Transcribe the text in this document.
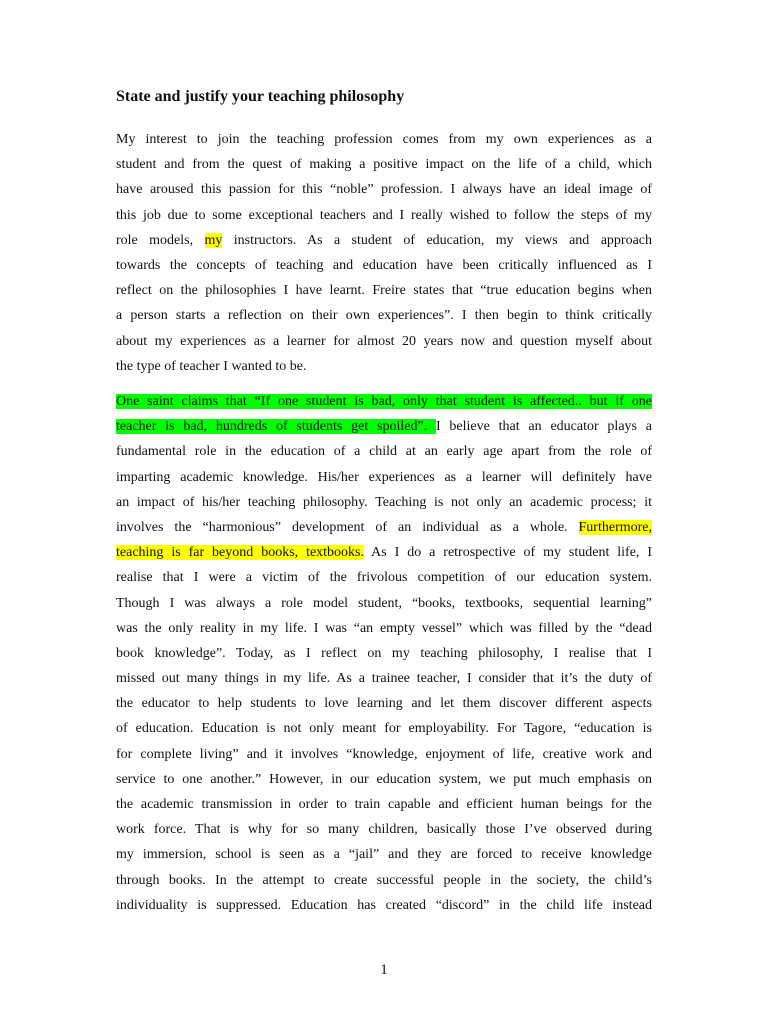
State and justify your teaching philosophy
My interest to join the teaching profession comes from my own experiences as a
student and from the quest of making a positive impact on the life of a child, which
have aroused this passion for this “noble” profession. I always have an ideal image of
this job due to some exceptional teachers and I really wished to follow the steps of my
role models, my instructors. As a student of education, my views and approach
towards the concepts of teaching and education have been critically influenced as I
reflect on the philosophies I have learnt. Freire states that “true education begins when
a person starts a reflection on their own experiences”. I then begin to think critically
about my experiences as a learner for almost 20 years now and question myself about
the type of teacher I wanted to be.
One saint claims that “If one student is bad, only that student is affected.. but if one
teacher is bad, hundreds of students get spoiled”. I believe that an educator plays a
fundamental role in the education of a child at an early age apart from the role of
imparting academic knowledge. His/her experiences as a learner will definitely have
an impact of his/her teaching philosophy. Teaching is not only an academic process; it
involves the “harmonious” development of an individual as a whole. Furthermore,
teaching is far beyond books, textbooks. As I do a retrospective of my student life, I
realise that I were a victim of the frivolous competition of our education system.
Though I was always a role model student, “books, textbooks, sequential learning”
was the only reality in my life. I was “an empty vessel” which was filled by the “dead
book knowledge”. Today, as I reflect on my teaching philosophy, I realise that I
missed out many things in my life. As a trainee teacher, I consider that it’s the duty of
the educator to help students to love learning and let them discover different aspects
of education. Education is not only meant for employability. For Tagore, “education is
for complete living” and it involves “knowledge, enjoyment of life, creative work and
service to one another.” However, in our education system, we put much emphasis on
the academic transmission in order to train capable and efficient human beings for the
work force. That is why for so many children, basically those I’ve observed during
my immersion, school is seen as a “jail” and they are forced to receive knowledge
through books. In the attempt to create successful people in the society, the child’s
individuality is suppressed. Education has created “discord” in the child life instead
1
